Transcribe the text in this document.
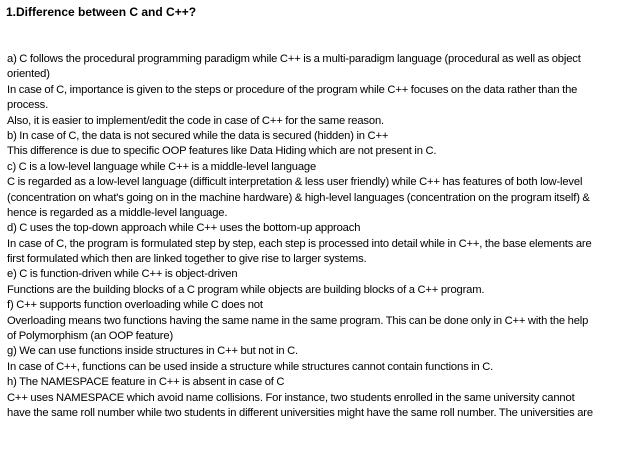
1.Difference between C and C++?
a) C follows the procedural programming paradigm while C++ is a multi-paradigm language (procedural as well as object
oriented)
In case of C, importance is given to the steps or procedure of the program while C++ focuses on the data rather than the
process.
Also, it is easier to implement/edit the code in case of C++ for the same reason.
b) In case of C, the data is not secured while the data is secured (hidden) in C++
This difference is due to specific OOP features like Data Hiding which are not present in C.
c) C is a low-level language while C++ is a middle-level language
C is regarded as a low-level language (difficult interpretation & less user friendly) while C++ has features of both low-level
(concentration on what's going on in the machine hardware) & high-level languages (concentration on the program itself) &
hence is regarded as a middle-level language.
d) C uses the top-down approach while C++ uses the bottom-up approach
In case of C, the program is formulated step by step, each step is processed into detail while in C++, the base elements are
first formulated which then are linked together to give rise to larger systems.
e) C is function-driven while C++ is object-driven
Functions are the building blocks of a C program while objects are building blocks of a C++ program.
f) C++ supports function overloading while C does not
Overloading means two functions having the same name in the same program. This can be done only in C++ with the help
of Polymorphism (an OOP feature)
g) We can use functions inside structures in C++ but not in C.
In case of C++, functions can be used inside a structure while structures cannot contain functions in C.
h) The NAMESPACE feature in C++ is absent in case of C
C++ uses NAMESPACE which avoid name collisions. For instance, two students enrolled in the same university cannot
have the same roll number while two students in different universities might have the same roll number. The universities are
